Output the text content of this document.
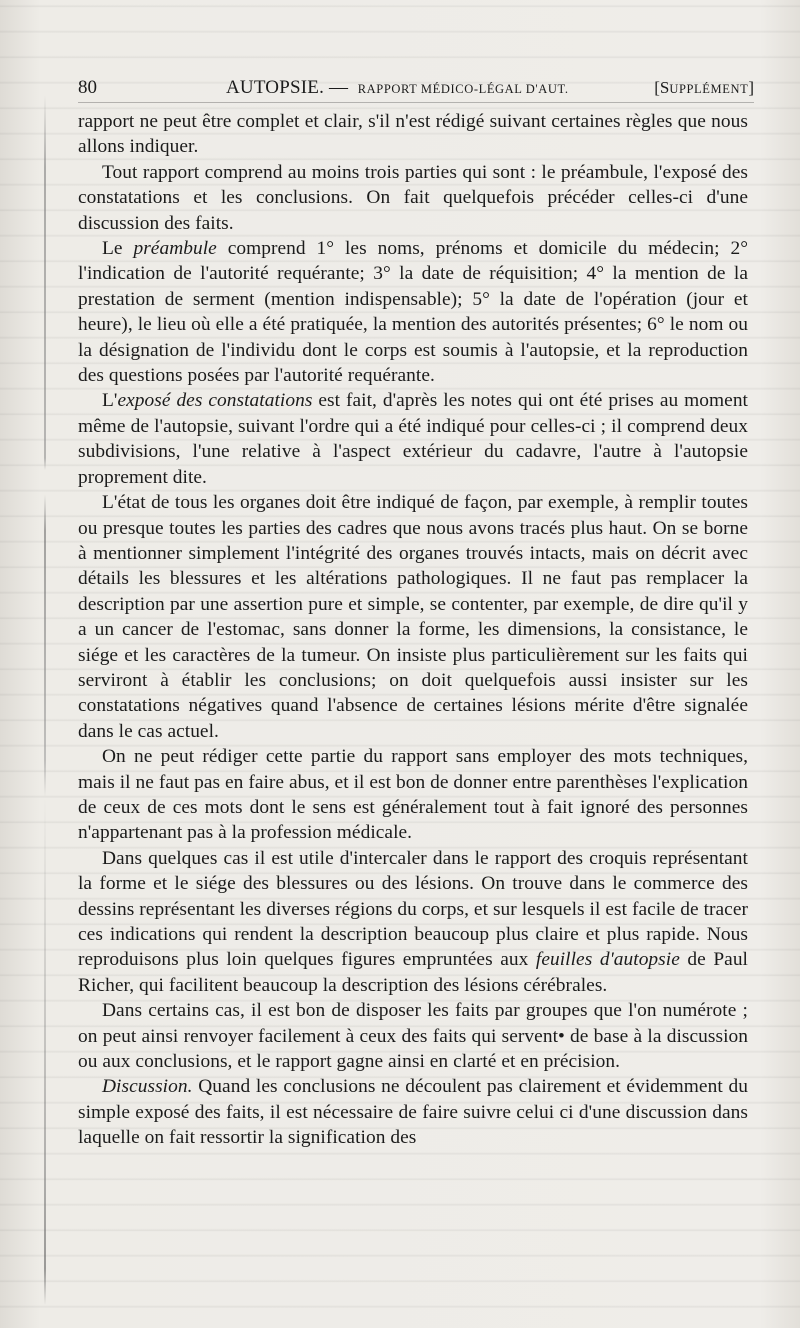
80	AUTOPSIE. — RAPPORT MÉDICO-LÉGAL D'AUT.	[SUPPLÉMENT]

rapport ne peut être complet et clair, s'il n'est rédigé suivant certaines règles que nous allons indiquer.

Tout rapport comprend au moins trois parties qui sont : le préambule, l'exposé des constatations et les conclusions. On fait quelquefois précéder celles-ci d'une discussion des faits.

Le préambule comprend 1° les noms, prénoms et domicile du médecin; 2° l'indication de l'autorité requérante; 3° la date de réquisition; 4° la mention de la prestation de serment (mention indispensable); 5° la date de l'opération (jour et heure), le lieu où elle a été pratiquée, la mention des autorités présentes; 6° le nom ou la désignation de l'individu dont le corps est soumis à l'autopsie, et la reproduction des questions posées par l'autorité requérante.

L'exposé des constatations est fait, d'après les notes qui ont été prises au moment même de l'autopsie, suivant l'ordre qui a été indiqué pour celles-ci ; il comprend deux subdivisions, l'une relative à l'aspect extérieur du cadavre, l'autre à l'autopsie proprement dite.

L'état de tous les organes doit être indiqué de façon, par exemple, à remplir toutes ou presque toutes les parties des cadres que nous avons tracés plus haut. On se borne à mentionner simplement l'intégrité des organes trouvés intacts, mais on décrit avec détails les blessures et les altérations pathologiques. Il ne faut pas remplacer la description par une assertion pure et simple, se contenter, par exemple, de dire qu'il y a un cancer de l'estomac, sans donner la forme, les dimensions, la consistance, le siége et les caractères de la tumeur. On insiste plus particulièrement sur les faits qui serviront à établir les conclusions; on doit quelquefois aussi insister sur les constatations négatives quand l'absence de certaines lésions mérite d'être signalée dans le cas actuel.

On ne peut rédiger cette partie du rapport sans employer des mots techniques, mais il ne faut pas en faire abus, et il est bon de donner entre parenthèses l'explication de ceux de ces mots dont le sens est généralement tout à fait ignoré des personnes n'appartenant pas à la profession médicale.

Dans quelques cas il est utile d'intercaler dans le rapport des croquis représentant la forme et le siége des blessures ou des lésions. On trouve dans le commerce des dessins représentant les diverses régions du corps, et sur lesquels il est facile de tracer ces indications qui rendent la description beaucoup plus claire et plus rapide. Nous reproduisons plus loin quelques figures empruntées aux feuilles d'autopsie de Paul Richer, qui facilitent beaucoup la description des lésions cérébrales.

Dans certains cas, il est bon de disposer les faits par groupes que l'on numérote ; on peut ainsi renvoyer facilement à ceux des faits qui servent• de base à la discussion ou aux conclusions, et le rapport gagne ainsi en clarté et en précision.

Discussion. Quand les conclusions ne découlent pas clairement et évidemment du simple exposé des faits, il est nécessaire de faire suivre celui ci d'une discussion dans laquelle on fait ressortir la signification des
